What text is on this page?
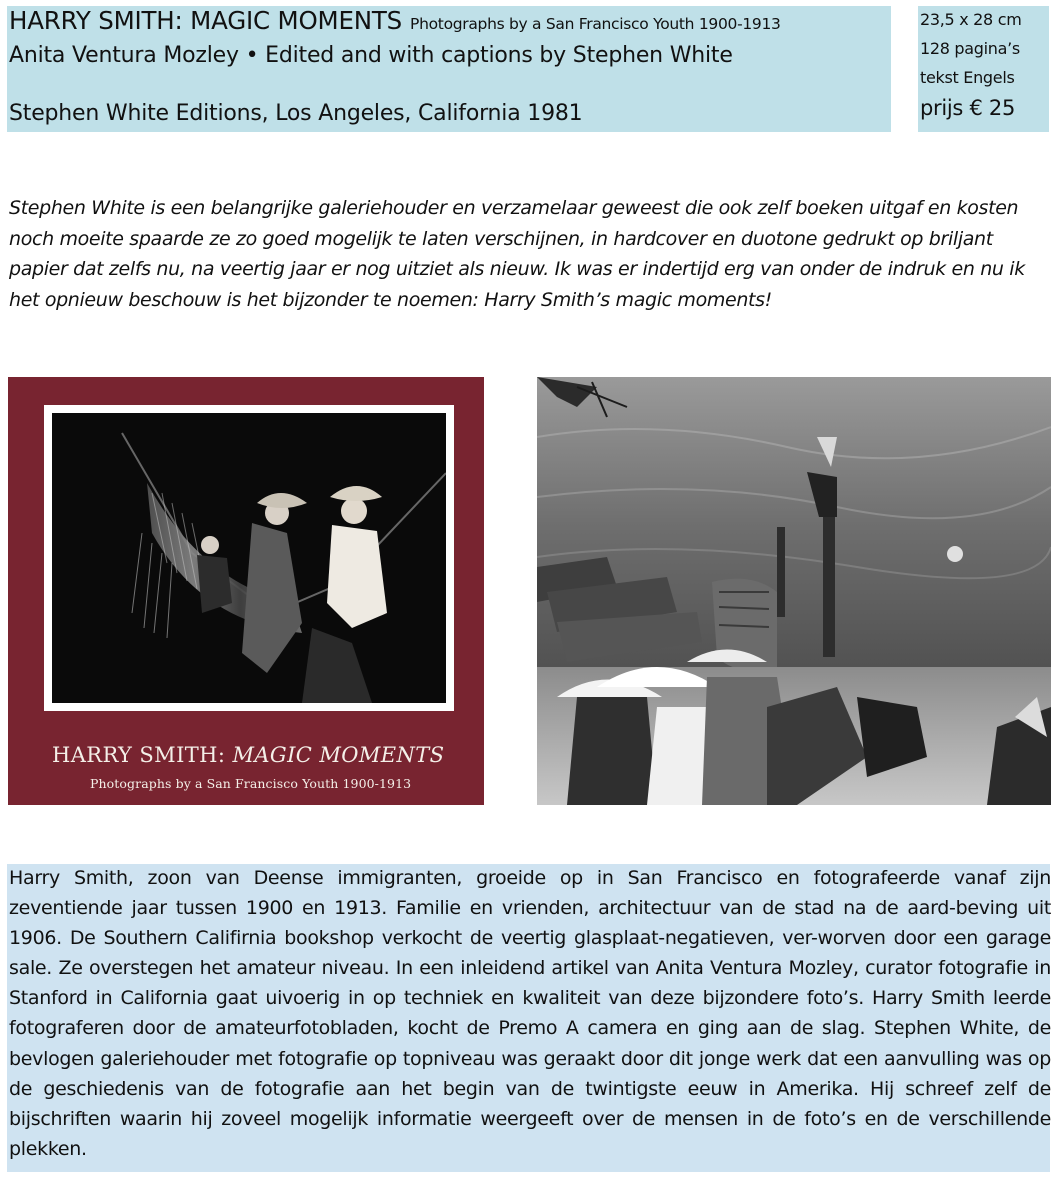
HARRY SMITH: MAGIC MOMENTS Photographs by a San Francisco Youth 1900-1913
Anita Ventura Mozley • Edited and with captions by Stephen White
Stephen White Editions, Los Angeles, California 1981
23,5 x 28 cm
128 pagina’s
tekst Engels
prijs € 25

Stephen White is een belangrijke galeriehouder en verzamelaar geweest die ook zelf boeken uitgaf en kosten noch moeite spaarde ze zo goed mogelijk te laten verschijnen, in hardcover en duotone gedrukt op briljant papier dat zelfs nu, na veertig jaar er nog uitziet als nieuw. Ik was er indertijd erg van onder de indruk en nu ik het opnieuw beschouw is het bijzonder te noemen: Harry Smith’s magic moments!

HARRY SMITH: MAGIC MOMENTS
Photographs by a San Francisco Youth 1900-1913

Harry Smith, zoon van Deense immigranten, groeide op in San Francisco en fotografeerde vanaf zijn zeventiende jaar tussen 1900 en 1913. Familie en vrienden, architectuur van de stad na de aard-beving uit 1906. De Southern Califirnia bookshop verkocht de veertig glasplaat-negatieven, ver-worven door een garage sale. Ze overstegen het amateur niveau. In een inleidend artikel van Anita Ventura Mozley, curator fotografie in Stanford in California gaat uivoerig in op techniek en kwaliteit van deze bijzondere foto’s. Harry Smith leerde fotograferen door de amateurfotobladen, kocht de Premo A camera en ging aan de slag. Stephen White, de bevlogen galeriehouder met fotografie op topniveau was geraakt door dit jonge werk dat een aanvulling was op de geschiedenis van de fotografie aan het begin van de twintigste eeuw in Amerika. Hij schreef zelf de bijschriften waarin hij zoveel mogelijk informatie weergeeft over de mensen in de foto’s en de verschillende plekken.
